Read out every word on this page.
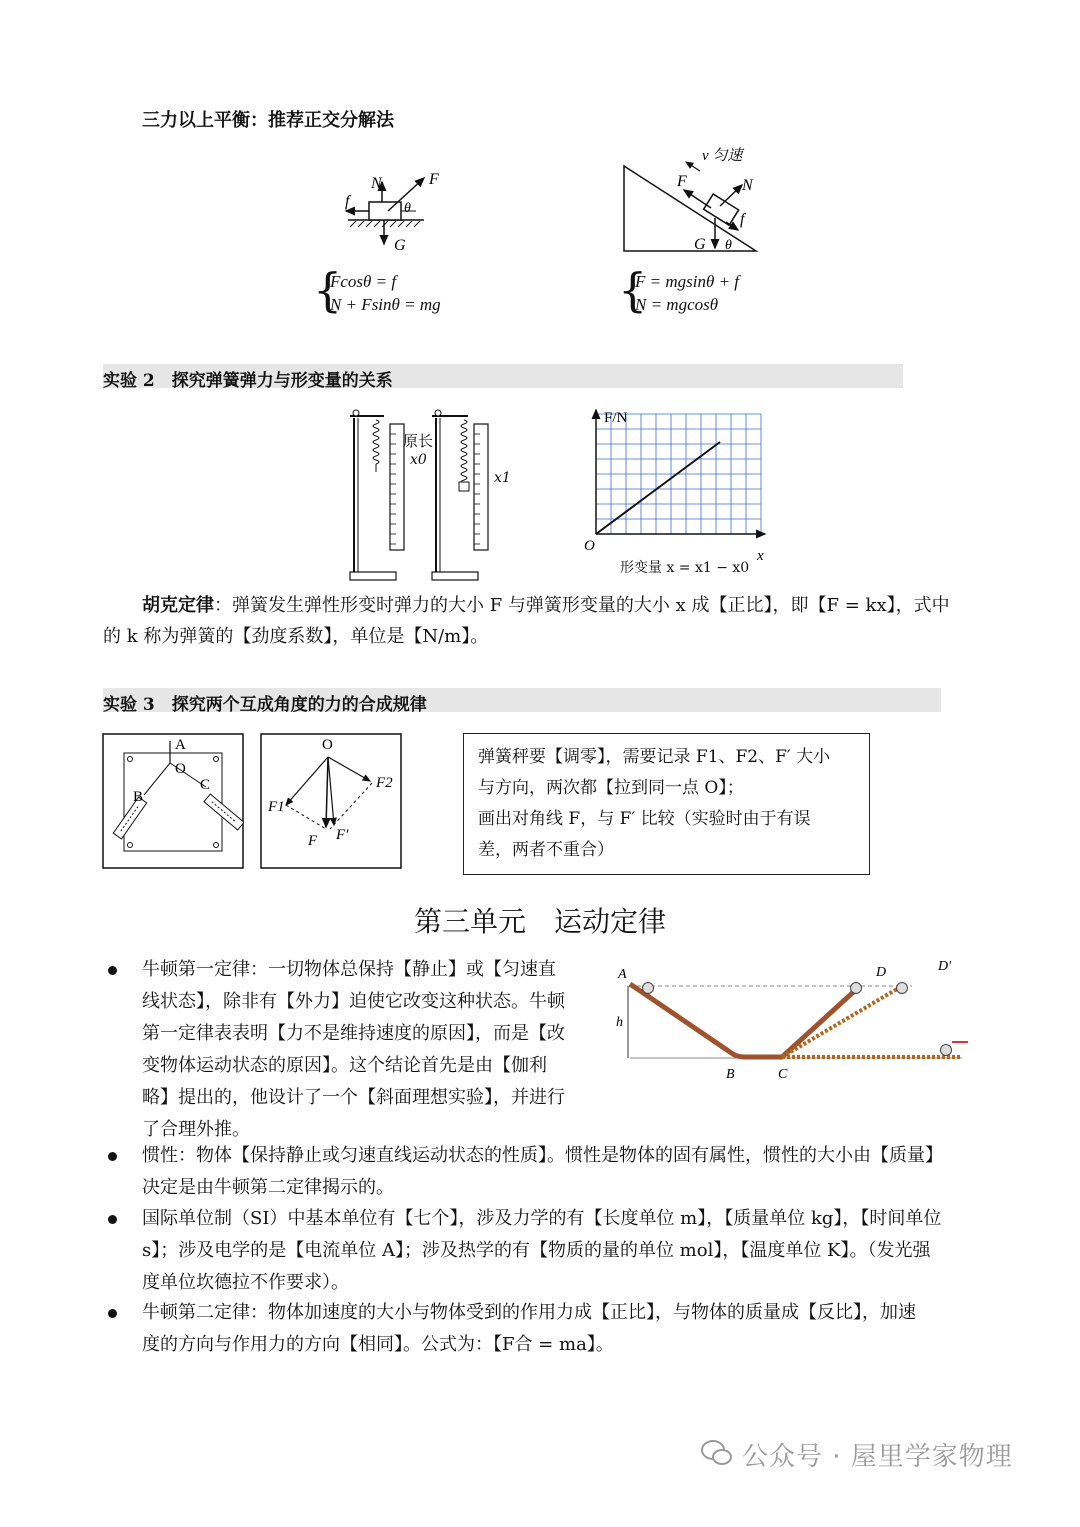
三力以上平衡：推荐正交分解法
N	F
f	θ
G
v 匀速
F	N
f
G θ
{
Fcosθ = f
N + Fsinθ = mg	{
F = mgsinθ + f
N = mgcosθ
实验 2　探究弹簧弹力与形变量的关系
原长
x0
x1
F/N
O
x
形变量 x = x1 − x0
胡克定律：弹簧发生弹性形变时弹力的大小 F 与弹簧形变量的大小 x 成【正比】，即【F = kx】，式中
的 k 称为弹簧的【劲度系数】，单位是【N/m】。
实验 3　探究两个互成角度的力的合成规律
A
O
B
C
O
F1
F2
F F′
弹簧秤要【调零】，需要记录 F1、F2、F′ 大小
与方向，两次都【拉到同一点 O】；
画出对角线 F，与 F′ 比较（实验时由于有误
差，两者不重合）
第三单元　运动定律
牛顿第一定律：一切物体总保持【静止】或【匀速直
线状态】，除非有【外力】迫使它改变这种状态。牛顿
第一定律表表明【力不是维持速度的原因】，而是【改
变物体运动状态的原因】。这个结论首先是由【伽利
略】提出的，他设计了一个【斜面理想实验】，并进行
了合理外推。
A	D	D′
h
B	C
惯性：物体【保持静止或匀速直线运动状态的性质】。惯性是物体的固有属性，惯性的大小由【质量】
决定是由牛顿第二定律揭示的。
国际单位制（SI）中基本单位有【七个】，涉及力学的有【长度单位 m】，【质量单位 kg】，【时间单位
s】；涉及电学的是【电流单位 A】；涉及热学的有【物质的量的单位 mol】，【温度单位 K】。（发光强
度单位坎德拉不作要求）。
牛顿第二定律：物体加速度的大小与物体受到的作用力成【正比】，与物体的质量成【反比】，加速
度的方向与作用力的方向【相同】。公式为：【F合 = ma】。
公众号 · 屋里学家物理
